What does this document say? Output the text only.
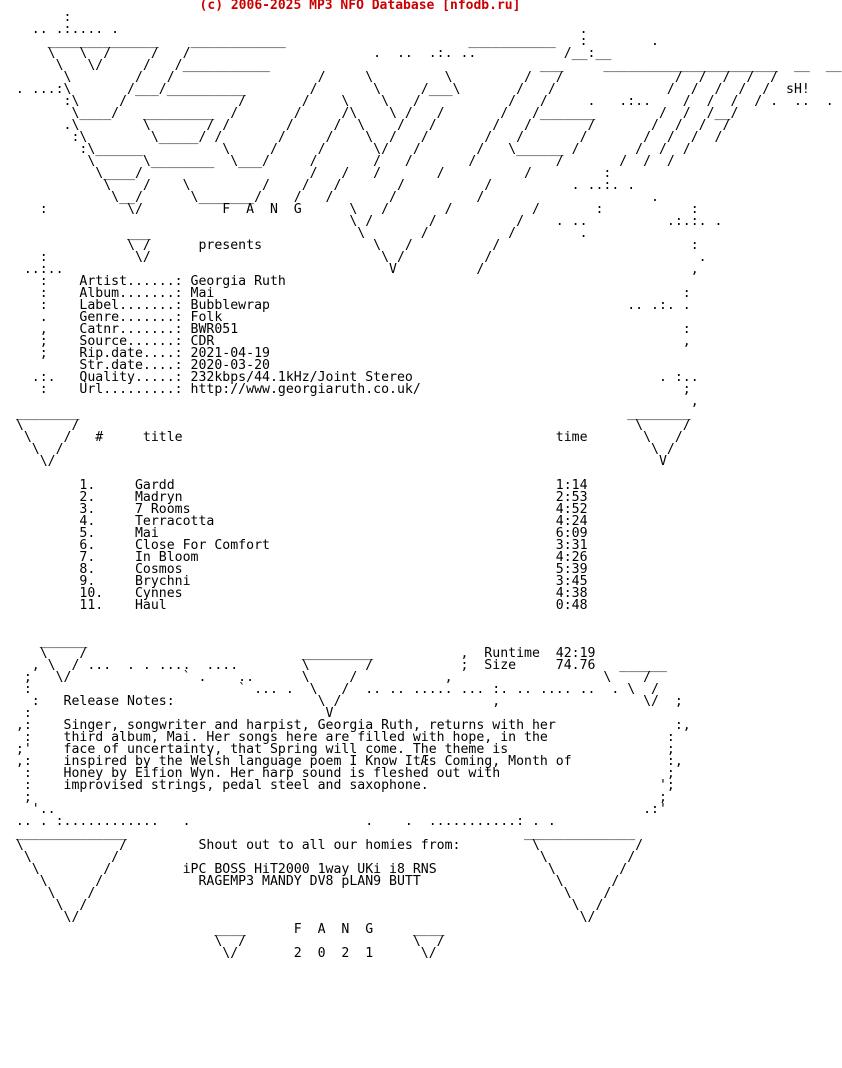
(c) 2006-2025 MP3 NFO Database [nfodb.ru]
:
.. .:.... .                                                          .
______________    ____________                       ___________   :        .
\   \  /     /   /                       .  ..  .:. ..           /__:__
\   \/     /   /___________                                  ___     ______________________  __  __
\        /   /                  /     \         \         /   /              /  /  /  /  /
. ...:\       /___/__________        /       \     /___\       /   /              /  /  /  /  /  sH!
:\     /              /       /    \    \   /           /   /     .   .:..    /  /  /  / .  ..  .
\____/   _________  /       /     /\    \ /   /       /   /_______        /  /  /__/
.\        \       / /       /     /  \    /   /       /   /       /       /  /  /  /
:\        \_____/ /       /     /    \  /   /       /   /       /       /  /  /  /
:\______          \     /     /      \/   /       /   \______ /       /  /  /
\      \________  \___/     /       /   /       /          /       /  /  /
\____/                     /   /   /       /          /         :
\    /    \         /    /   /       /          /          . ..:. .
\__/      \_______/    /   /       /          /                     .
:          \/          F  A  N  G      \   /       /          /       :           :
\ /       /          /    . ..          .:.:. .
___                          \       /          /        .
\ /      presents              \   /          /                        :
:           \/                             \ /          /                          .
..:..                                         V          /                          ,
:    Artist......: Georgia Ruth
:    Album.......: Mai                                                           :
:    Label.......: Bubblewrap                                             .. .:. .
.    Genre.......: Folk
,    Catnr.......: BWR051                                                        :
;    Source......: CDR                                                           ,
;    Rip.date....: 2021-04-19
Str.date....: 2020-03-20
.:.   Quality.....: 232kbps/44.1kHz/Joint Stereo                               . :..
:    Url.........: http://www.georgiaruth.co.uk/                                 ;
,
________                                                                     ________
\      /                                                                      \     /
\    /   #     title                                               time       \   /
\  /                                                                          \ /
\/                                                                            V

1.     Gardd                                                1:14
2.     Madryn                                               2:53
3.     7 Rooms                                              4:52
4.     Terracotta                                           4:24
5.     Mai                                                  6:09
6.     Close For Comfort                                    3:31
7.     In Bloom                                             4:26
8.     Cosmos                                               5:39
9.     Brychni                                              3:45
10.    Cynnes                                               4:38
11.    Haul                                                 0:48

______
\    /                           _________           ,  Runtime  42:19
, \  / ...  . . ....  ....        \       /           ;  Size     74.76   ______
;   \/              ` .    ..      \     /           ,                   \    /
:                          ` ... .  \   /  .. .. ..... ... :. .. .... ..  . \  /
:   Release Notes:                  \ /                   ,                  \/  ;
:                                     V
,:    Singer, songwriter and harpist, Georgia Ruth, returns with her               :,
:    third album, Mai. Her songs here are filled with hope, in the               :
;'    face of uncertainty, that Spring will come. The theme is                    ;
,:    inspired by the Welsh language poem I Know ItÆs Coming, Month of            :,
:    Honey by Eifion Wyn. Her harp sound is fleshed out with                     ;
:    improvised strings, pedal steel and saxophone.                             ';
;                                                                               ;
'..                                                                          .:'
.. . :............   .                      .    .  ...........: . .
______________                                                  ______________
\            /         Shout out to all our homies from:         \            /
\          /                                                     \          /
\        /         iPC BOSS HiT2000 1way UKi i8 RNS              \        /
\      /            RAGEMP3 MANDY DV8 pLAN9 BUTT                 \      /
\    /                                                           \    /
\  /                                                             \  /
\/                                                               \/
____      F  A  N  G     ____
\  /                     \  /
\/       2  0  2  1      \/
